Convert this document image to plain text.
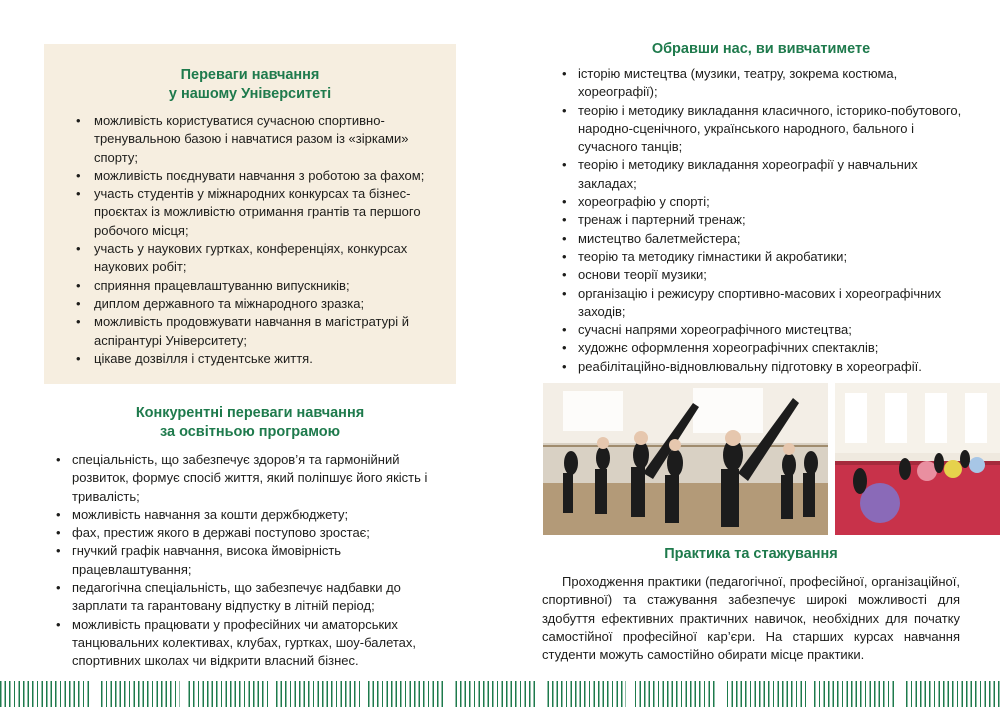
Переваги навчання
у нашому Університеті
• можливість користуватися сучасною спортивно-тренувальною базою і навчатися разом із «зірками» спорту;
• можливість поєднувати навчання з роботою за фахом;
• участь студентів у міжнародних конкурсах та бізнес-проєктах із можливістю отримання грантів та першого робочого місця;
• участь у наукових гуртках, конференціях, конкурсах наукових робіт;
• сприяння працевлаштуванню випускників;
• диплом державного та міжнародного зразка;
• можливість продовжувати навчання в магістратурі й аспірантурі Університету;
• цікаве дозвілля і студентське життя.
Конкурентні переваги навчання
за освітньою програмою
• спеціальність, що забезпечує здоров’я та гармонійний розвиток, формує спосіб життя, який поліпшує його якість і тривалість;
• можливість навчання за кошти держбюджету;
• фах, престиж якого в державі поступово зростає;
• гнучкий графік навчання, висока ймовірність працевлаштування;
• педагогічна спеціальність, що забезпечує надбавки до зарплати та гарантовану відпустку в літній період;
• можливість працювати у професійних чи аматорських танцювальних колективах, клубах, гуртках, шоу-балетах, спортивних школах чи відкрити власний бізнес.
Обравши нас, ви вивчатимете
• історію мистецтва (музики, театру, зокрема костюма, хореографії);
• теорію і методику викладання класичного, історико-побутового, народно-сценічного, українського народного, бального і сучасного танців;
• теорію і методику викладання хореографії у навчальних закладах;
• хореографію у спорті;
• тренаж і партерний тренаж;
• мистецтво балетмейстера;
• теорію та методику гімнастики й акробатики;
• основи теорії музики;
• організацію і режисуру спортивно-масових і хореографічних заходів;
• сучасні напрями хореографічного мистецтва;
• художнє оформлення хореографічних спектаклів;
• реабілітаційно-відновлювальну підготовку в хореографії.
Практика та стажування

Проходження практики (педагогічної, професійної, організаційної, спортивної) та стажування забезпечує широкі можливості для здобуття ефективних практичних навичок, необхідних для початку самостійної професійної кар’єри. На старших курсах навчання студенти можуть самостійно обирати місце практики.
